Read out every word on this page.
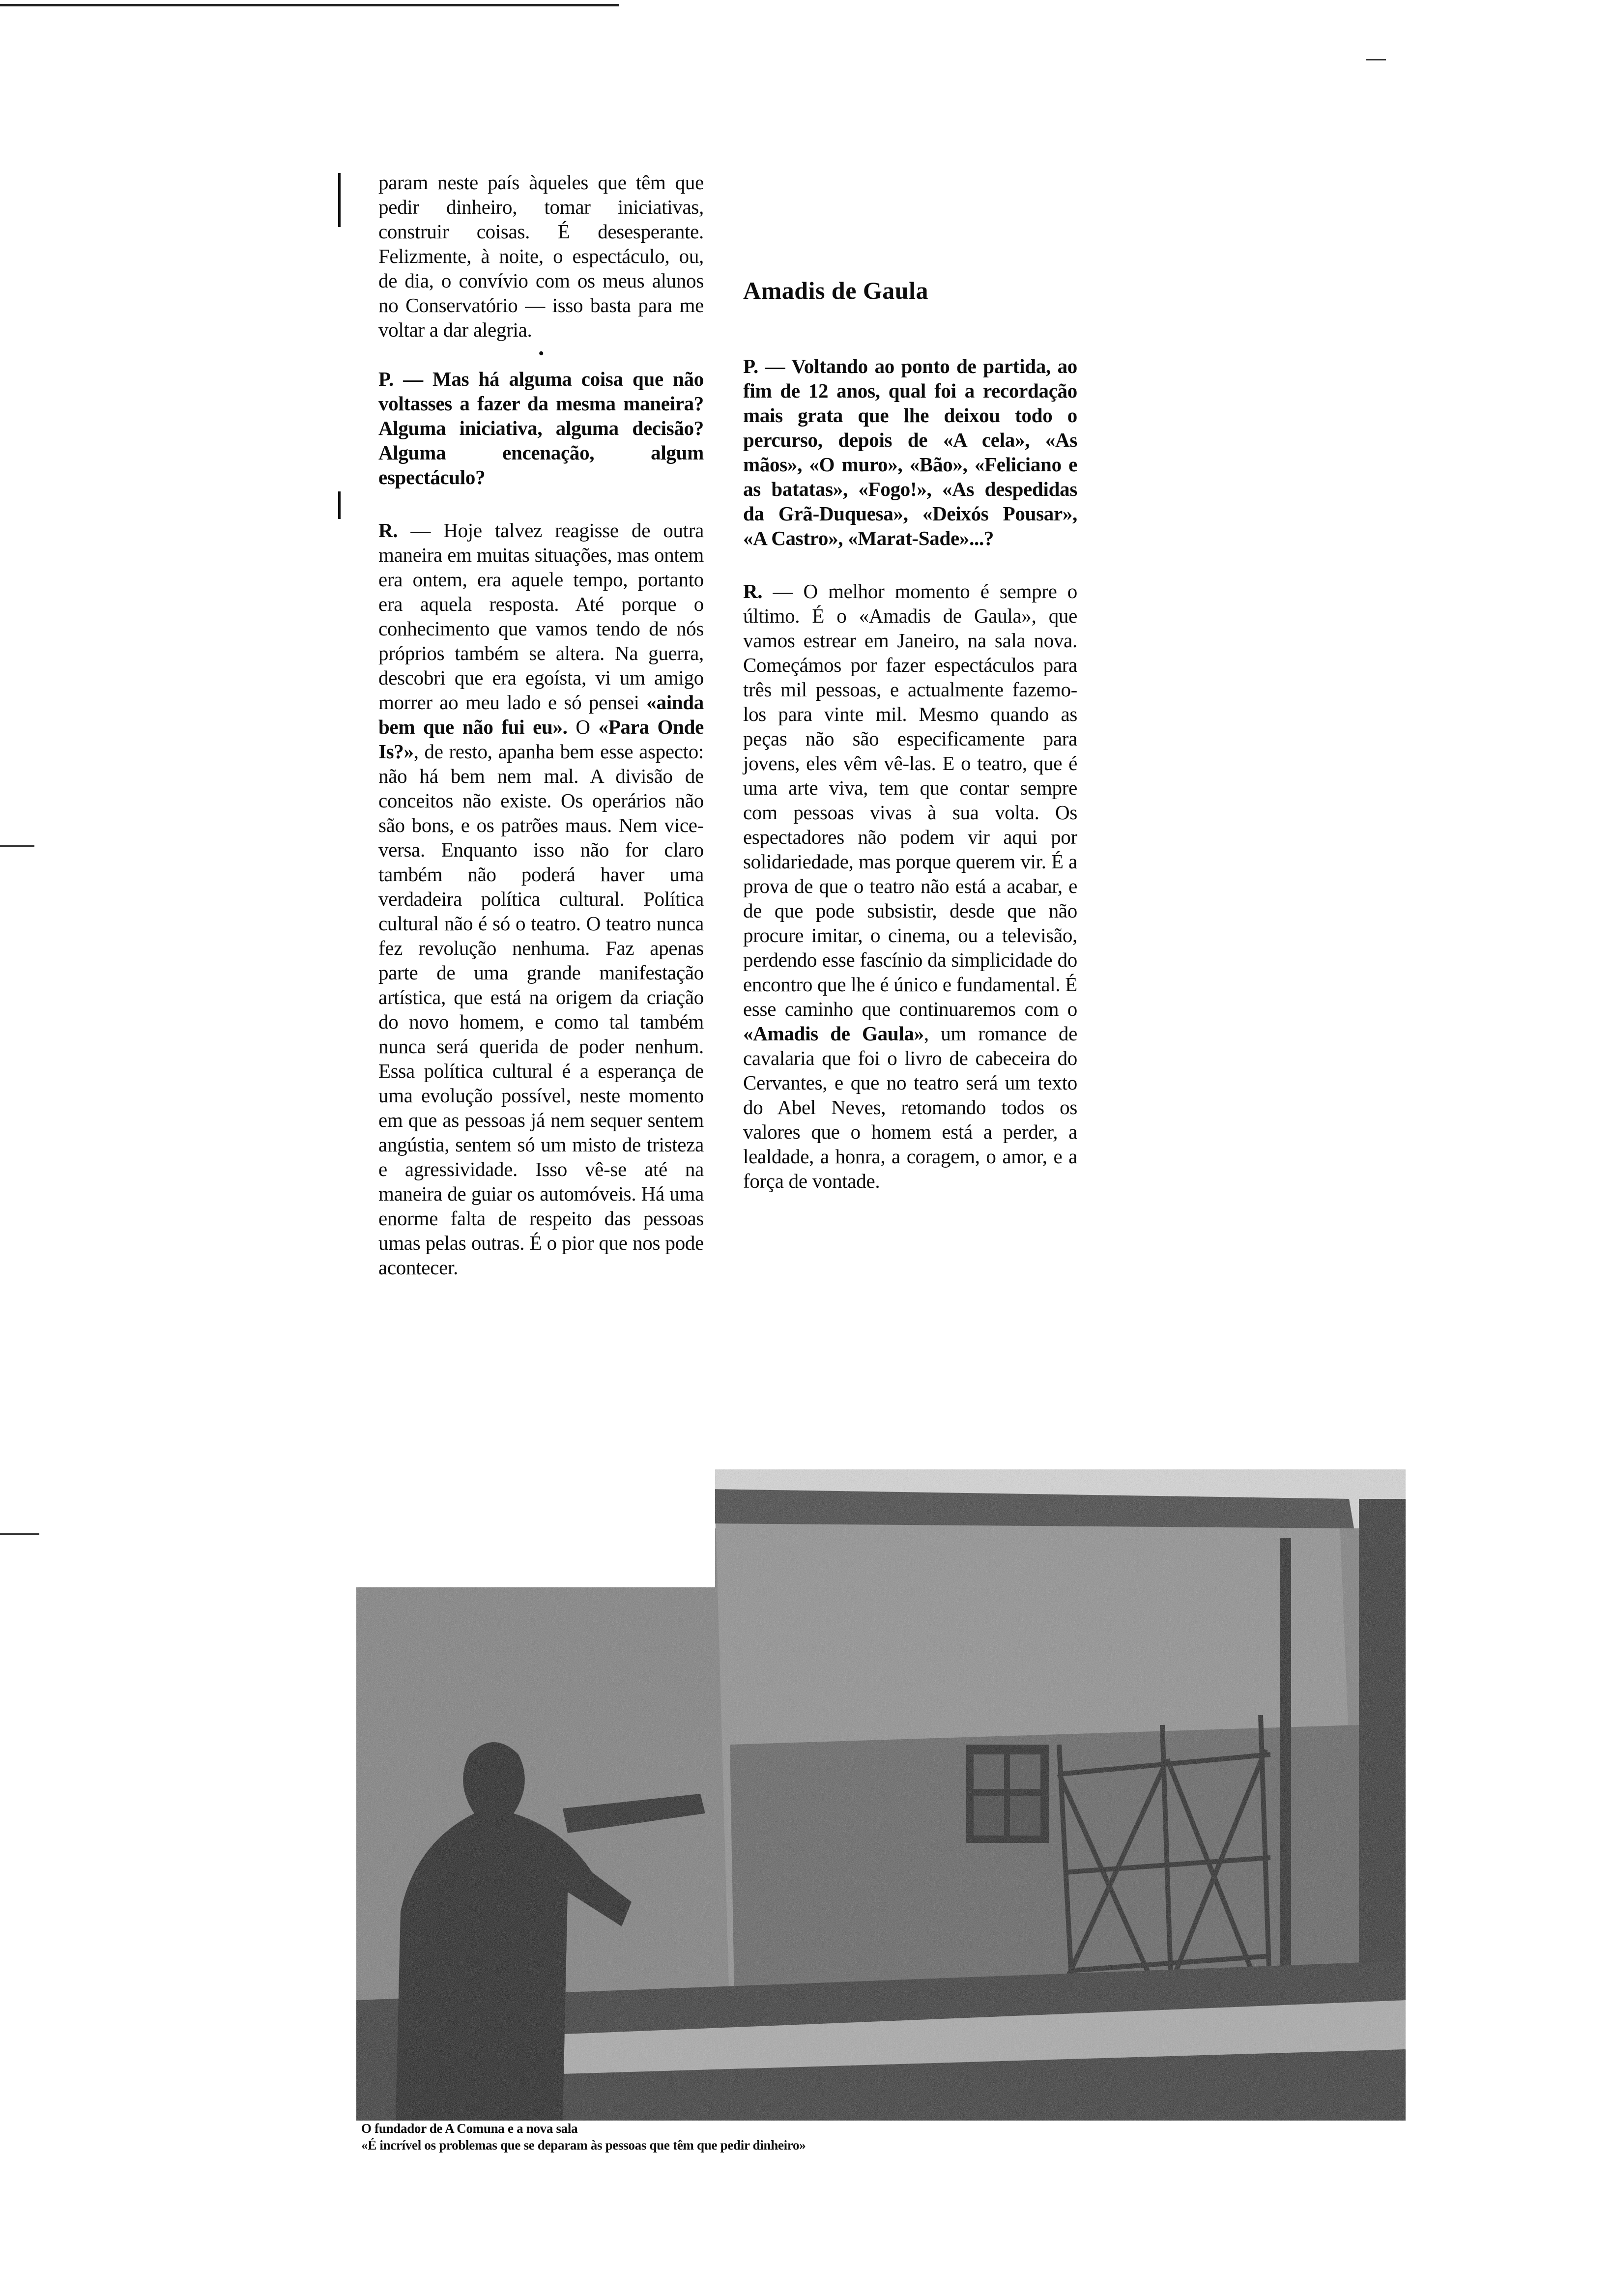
param neste país àqueles que têm que pedir dinheiro, tomar iniciativas, construir coisas. É desesperante. Felizmente, à noite, o espectáculo, ou, de dia, o convívio com os meus alunos no Conservatório — isso basta para me voltar a dar alegria.

•

P. — Mas há alguma coisa que não voltasses a fazer da mesma maneira? Alguma iniciativa, alguma decisão? Alguma encenação, algum espectáculo?

R. — Hoje talvez reagisse de outra maneira em muitas situações, mas ontem era ontem, era aquele tempo, portanto era aquela resposta. Até porque o conhecimento que vamos tendo de nós próprios também se altera. Na guerra, descobri que era egoísta, vi um amigo morrer ao meu lado e só pensei «ainda bem que não fui eu». O «Para Onde Is?», de resto, apanha bem esse aspecto: não há bem nem mal. A divisão de conceitos não existe. Os operários não são bons, e os patrões maus. Nem vice-versa. Enquanto isso não for claro também não poderá haver uma verdadeira política cultural. Política cultural não é só o teatro. O teatro nunca fez revolução nenhuma. Faz apenas parte de uma grande manifestação artística, que está na origem da criação do novo homem, e como tal também nunca será querida de poder nenhum. Essa política cultural é a esperança de uma evolução possível, neste momento em que as pessoas já nem sequer sentem angústia, sentem só um misto de tristeza e agressividade. Isso vê-se até na maneira de guiar os automóveis. Há uma enorme falta de respeito das pessoas umas pelas outras. É o pior que nos pode acontecer.

Amadis de Gaula

P. — Voltando ao ponto de partida, ao fim de 12 anos, qual foi a recordação mais grata que lhe deixou todo o percurso, depois de «A cela», «As mãos», «O muro», «Bão», «Feliciano e as batatas», «Fogo!», «As despedidas da Grã-Duquesa», «Deixós Pousar», «A Castro», «Marat-Sade»...?

R. — O melhor momento é sempre o último. É o «Amadis de Gaula», que vamos estrear em Janeiro, na sala nova. Começámos por fazer espectáculos para três mil pessoas, e actualmente fazemo-los para vinte mil. Mesmo quando as peças não são especificamente para jovens, eles vêm vê-las. E o teatro, que é uma arte viva, tem que contar sempre com pessoas vivas à sua volta. Os espectadores não podem vir aqui por solidariedade, mas porque querem vir. É a prova de que o teatro não está a acabar, e de que pode subsistir, desde que não procure imitar, o cinema, ou a televisão, perdendo esse fascínio da simplicidade do encontro que lhe é único e fundamental. É esse caminho que continuaremos com o «Amadis de Gaula», um romance de cavalaria que foi o livro de cabeceira do Cervantes, e que no teatro será um texto do Abel Neves, retomando todos os valores que o homem está a perder, a lealdade, a honra, a coragem, o amor, e a força de vontade.

O fundador de A Comuna e a nova sala
«É incrível os problemas que se deparam às pessoas que têm que pedir dinheiro»
